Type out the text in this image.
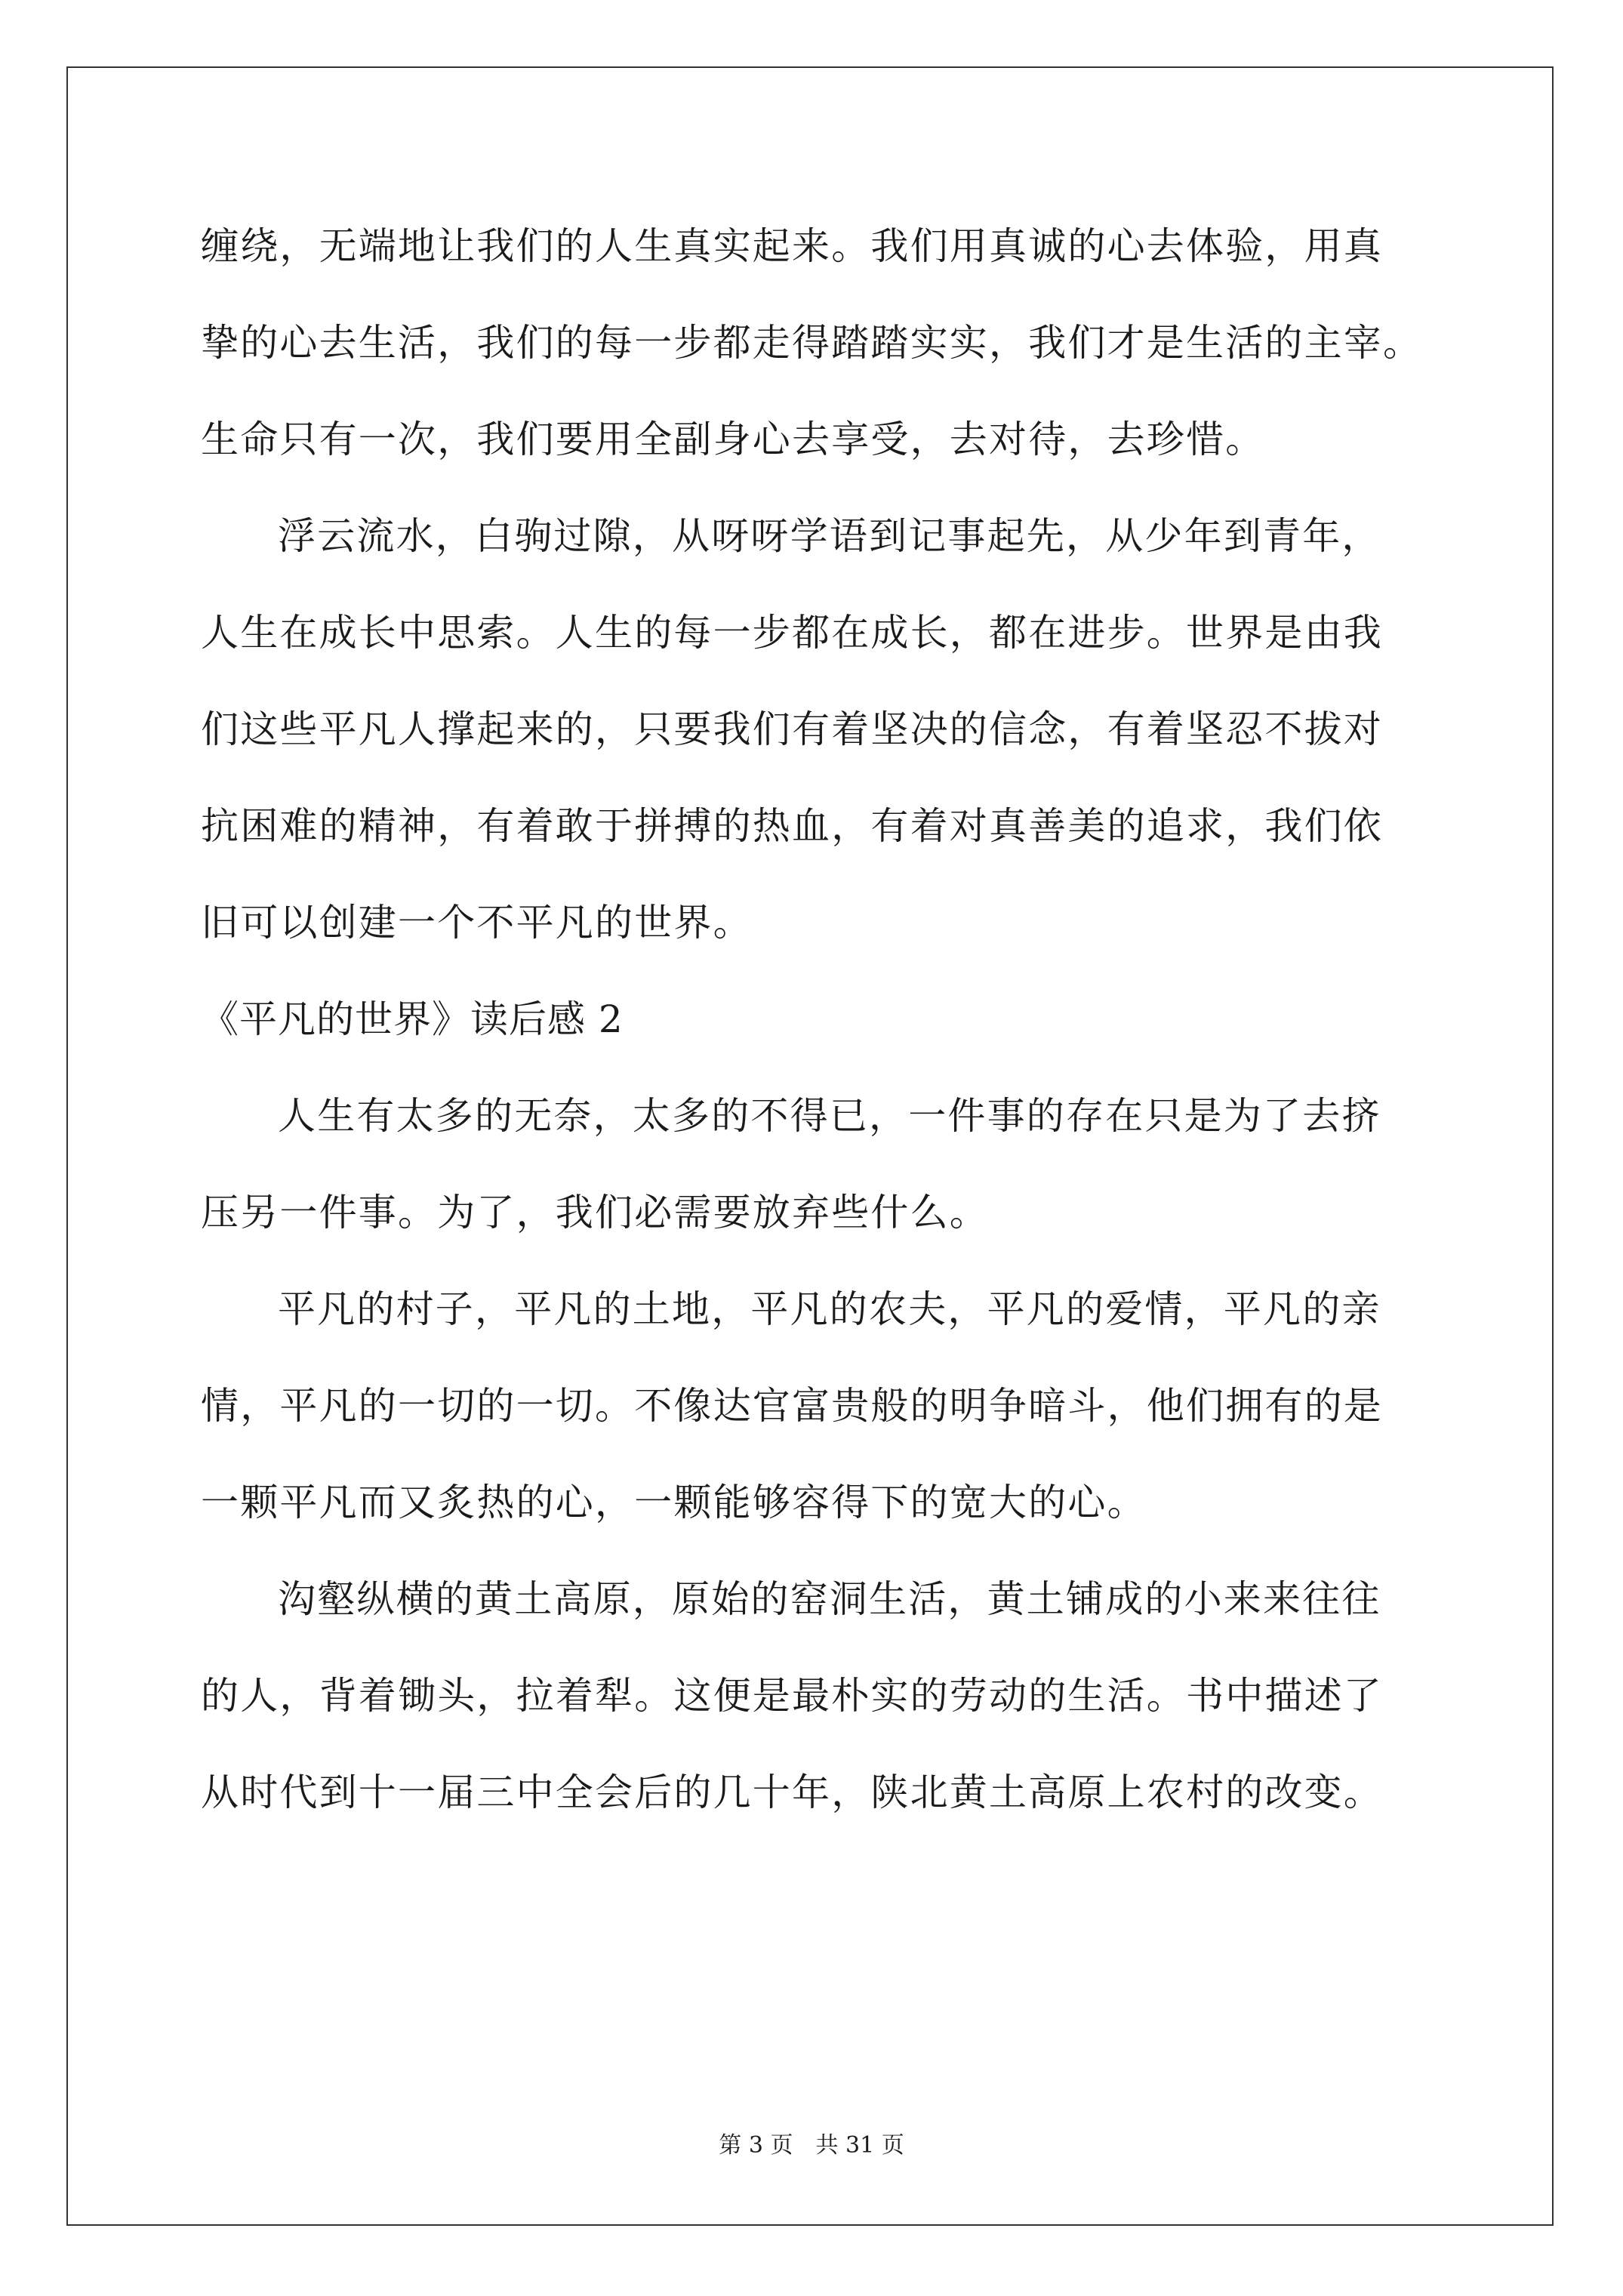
缠绕，无端地让我们的人生真实起来。我们用真诚的心去体验，用真
挚的心去生活，我们的每一步都走得踏踏实实，我们才是生活的主宰。
生命只有一次，我们要用全副身心去享受，去对待，去珍惜。
浮云流水，白驹过隙，从呀呀学语到记事起先，从少年到青年，
人生在成长中思索。人生的每一步都在成长，都在进步。世界是由我
们这些平凡人撑起来的，只要我们有着坚决的信念，有着坚忍不拔对
抗困难的精神，有着敢于拼搏的热血，有着对真善美的追求，我们依
旧可以创建一个不平凡的世界。
《平凡的世界》读后感 2
人生有太多的无奈，太多的不得已，一件事的存在只是为了去挤
压另一件事。为了，我们必需要放弃些什么。
平凡的村子，平凡的土地，平凡的农夫，平凡的爱情，平凡的亲
情，平凡的一切的一切。不像达官富贵般的明争暗斗，他们拥有的是
一颗平凡而又炙热的心，一颗能够容得下的宽大的心。
沟壑纵横的黄土高原，原始的窑洞生活，黄土铺成的小来来往往
的人，背着锄头，拉着犁。这便是最朴实的劳动的生活。书中描述了
从时代到十一届三中全会后的几十年，陕北黄土高原上农村的改变。
第 3 页　共 31 页
